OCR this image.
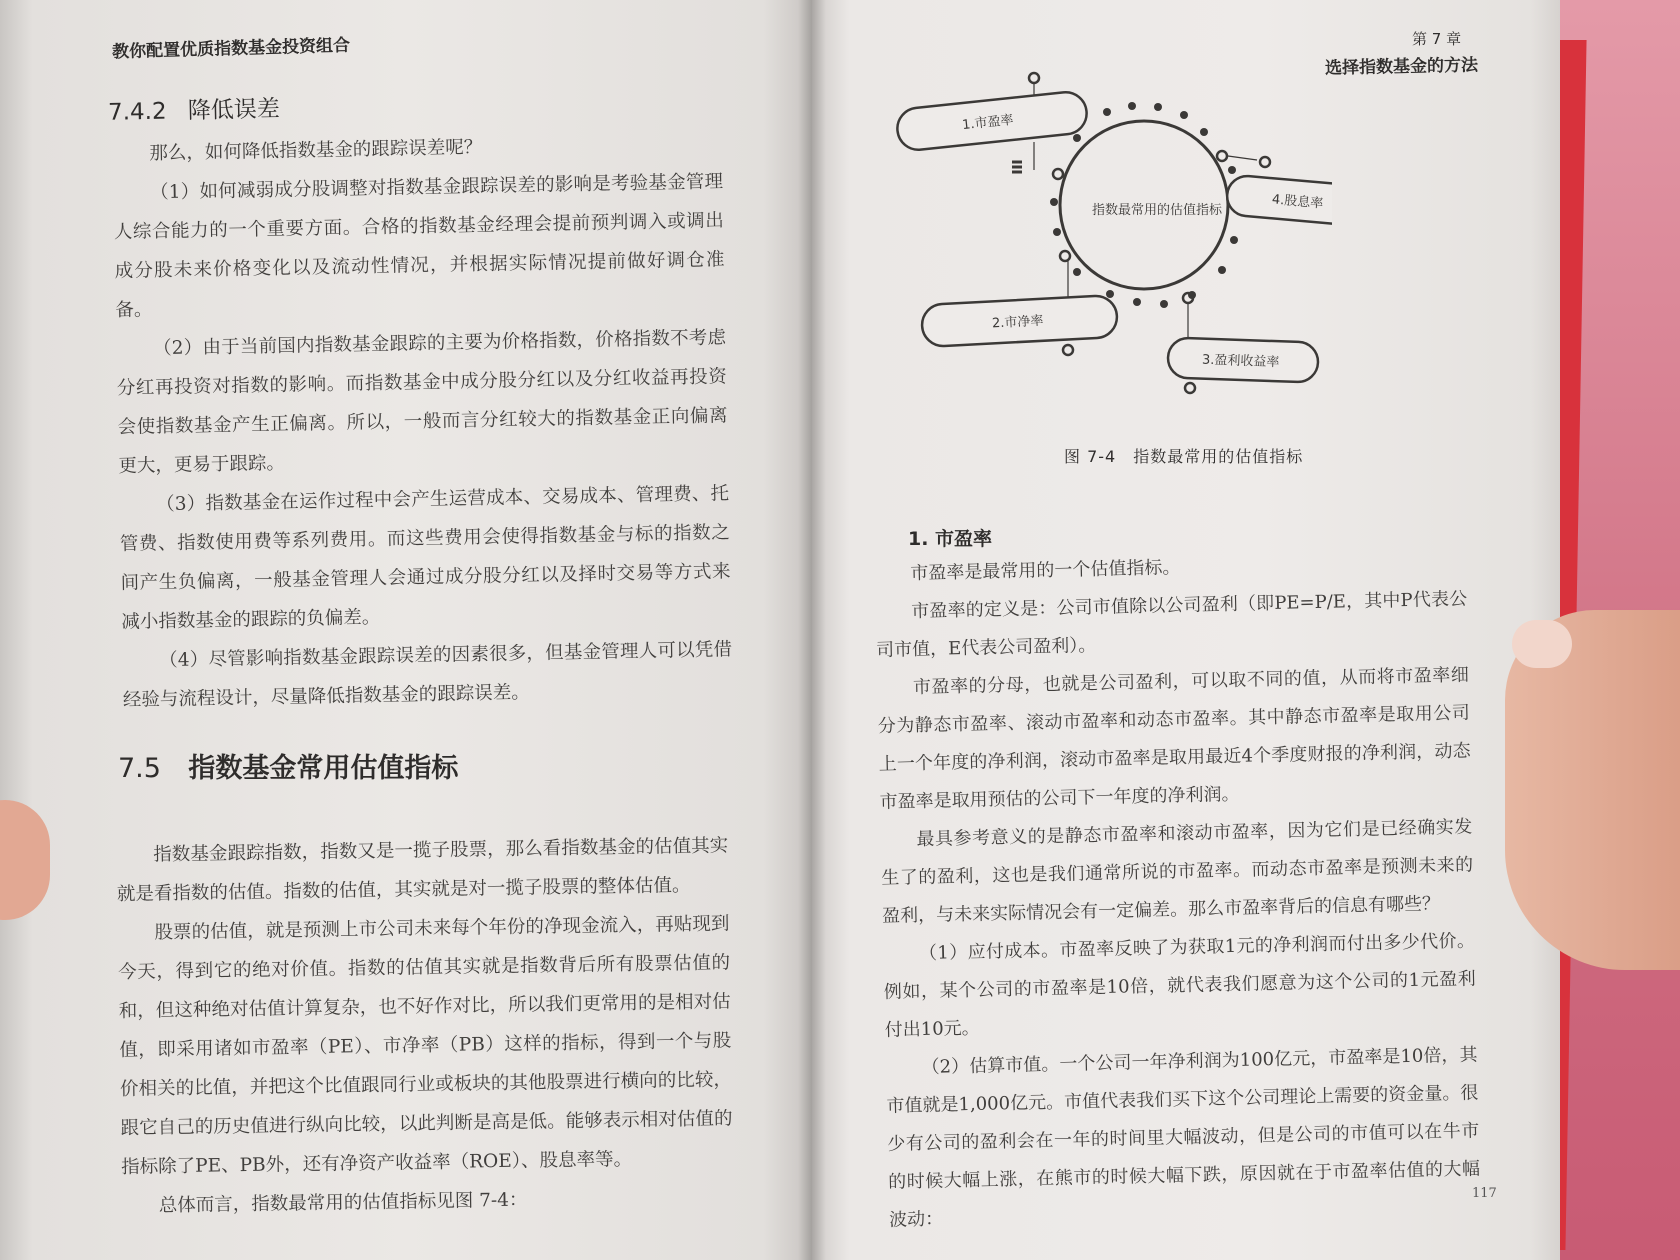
教你配置优质指数基金投资组合
7.4.2 降低误差

那么，如何降低指数基金的跟踪误差呢？

（1）如何减弱成分股调整对指数基金跟踪误差的影响是考验基金管理人综合能力的一个重要方面。合格的指数基金经理会提前预判调入或调出成分股未来价格变化以及流动性情况，并根据实际情况提前做好调仓准备。

（2）由于当前国内指数基金跟踪的主要为价格指数，价格指数不考虑分红再投资对指数的影响。而指数基金中成分股分红以及分红收益再投资会使指数基金产生正偏离。所以，一般而言分红较大的指数基金正向偏离更大，更易于跟踪。

（3）指数基金在运作过程中会产生运营成本、交易成本、管理费、托管费、指数使用费等系列费用。而这些费用会使得指数基金与标的指数之间产生负偏离，一般基金管理人会通过成分股分红以及择时交易等方式来减小指数基金的跟踪的负偏差。

（4）尽管影响指数基金跟踪误差的因素很多，但基金管理人可以凭借经验与流程设计，尽量降低指数基金的跟踪误差。

7.5 指数基金常用估值指标

指数基金跟踪指数，指数又是一揽子股票，那么看指数基金的估值其实就是看指数的估值。指数的估值，其实就是对一揽子股票的整体估值。

股票的估值，就是预测上市公司未来每个年份的净现金流入，再贴现到今天，得到它的绝对价值。指数的估值其实就是指数背后所有股票估值的和，但这种绝对估值计算复杂，也不好作对比，所以我们更常用的是相对估值，即采用诸如市盈率（PE）、市净率（PB）这样的指标，得到一个与股价相关的比值，并把这个比值跟同行业或板块的其他股票进行横向的比较，跟它自己的历史值进行纵向比较，以此判断是高是低。能够表示相对估值的指标除了PE、PB外，还有净资产收益率（ROE）、股息率等。

总体而言，指数最常用的估值指标见图 7-4：

第 7 章
选择指数基金的方法
1.市盈率
4.股息率
2.市净率
3.盈利收益率
指数最常用的估值指标
图 7-4　指数最常用的估值指标
1. 市盈率

市盈率是最常用的一个估值指标。

市盈率的定义是：公司市值除以公司盈利（即PE=P/E，其中P代表公司市值，E代表公司盈利）。

市盈率的分母，也就是公司盈利，可以取不同的值，从而将市盈率细分为静态市盈率、滚动市盈率和动态市盈率。其中静态市盈率是取用公司上一个年度的净利润，滚动市盈率是取用最近4个季度财报的净利润，动态市盈率是取用预估的公司下一年度的净利润。

最具参考意义的是静态市盈率和滚动市盈率，因为它们是已经确实发生了的盈利，这也是我们通常所说的市盈率。而动态市盈率是预测未来的盈利，与未来实际情况会有一定偏差。那么市盈率背后的信息有哪些？

（1）应付成本。市盈率反映了为获取1元的净利润而付出多少代价。例如，某个公司的市盈率是10倍，就代表我们愿意为这个公司的1元盈利付出10元。

（2）估算市值。一个公司一年净利润为100亿元，市盈率是10倍，其市值就是1,000亿元。市值代表我们买下这个公司理论上需要的资金量。很少有公司的盈利会在一年的时间里大幅波动，但是公司的市值可以在牛市的时候大幅上涨，在熊市的时候大幅下跌，原因就在于市盈率估值的大幅波动：

117
